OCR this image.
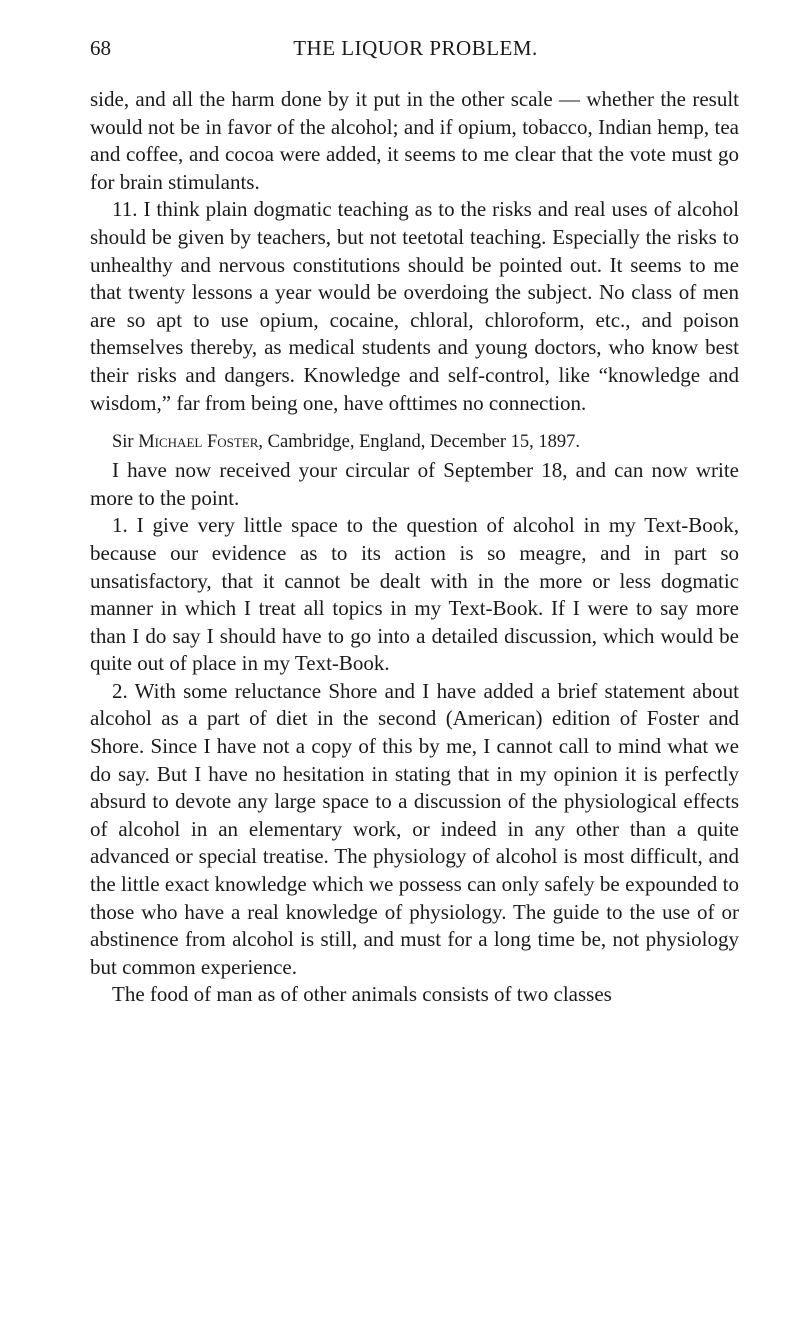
68	THE LIQUOR PROBLEM.

side, and all the harm done by it put in the other scale — whether the result would not be in favor of the alcohol; and if opium, tobacco, Indian hemp, tea and coffee, and cocoa were added, it seems to me clear that the vote must go for brain stimulants.

11. I think plain dogmatic teaching as to the risks and real uses of alcohol should be given by teachers, but not teetotal teaching. Especially the risks to unhealthy and nervous constitutions should be pointed out. It seems to me that twenty lessons a year would be overdoing the subject. No class of men are so apt to use opium, cocaine, chloral, chloroform, etc., and poison themselves thereby, as medical students and young doctors, who know best their risks and dangers. Knowledge and self-control, like “knowledge and wisdom,” far from being one, have ofttimes no connection.

Sir Michael Foster, Cambridge, England, December 15, 1897.

I have now received your circular of September 18, and can now write more to the point.

1. I give very little space to the question of alcohol in my Text-Book, because our evidence as to its action is so meagre, and in part so unsatisfactory, that it cannot be dealt with in the more or less dogmatic manner in which I treat all topics in my Text-Book. If I were to say more than I do say I should have to go into a detailed discussion, which would be quite out of place in my Text-Book.

2. With some reluctance Shore and I have added a brief statement about alcohol as a part of diet in the second (American) edition of Foster and Shore. Since I have not a copy of this by me, I cannot call to mind what we do say. But I have no hesitation in stating that in my opinion it is perfectly absurd to devote any large space to a discussion of the physiological effects of alcohol in an elementary work, or indeed in any other than a quite advanced or special treatise. The physiology of alcohol is most difficult, and the little exact knowledge which we possess can only safely be expounded to those who have a real knowledge of physiology. The guide to the use of or abstinence from alcohol is still, and must for a long time be, not physiology but common experience.

The food of man as of other animals consists of two classes
